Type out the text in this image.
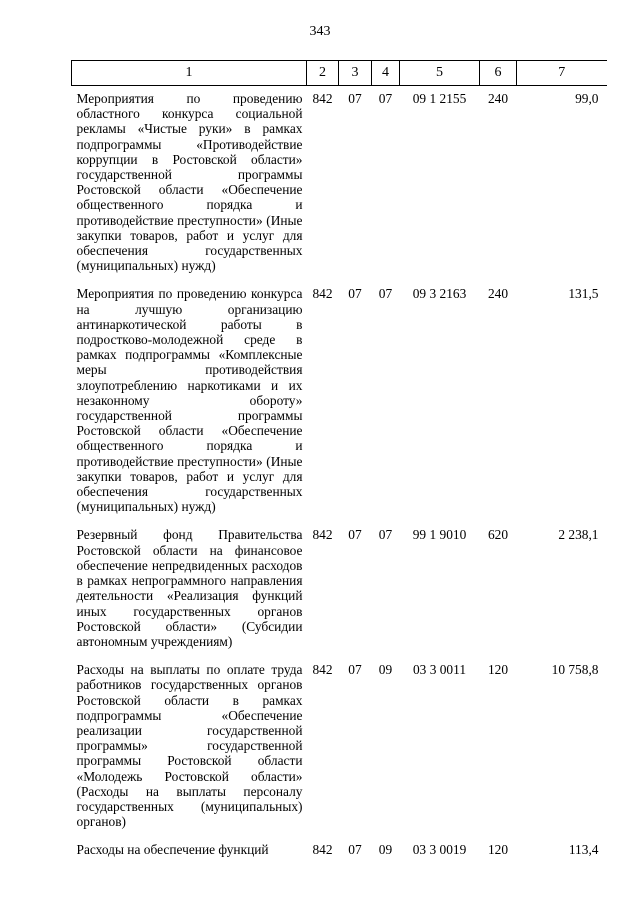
343
1	2	3	4	5	6	7
Мероприятия по проведению областного конкурса социальной рекламы «Чистые руки» в рамках подпрограммы «Противодействие коррупции в Ростовской области» государственной программы Ростовской области «Обеспечение общественного порядка и противодействие преступности» (Иные закупки товаров, работ и услуг для обеспечения государственных (муниципальных) нужд)	842	07	07	09 1 2155	240	99,0
Мероприятия по проведению конкурса на лучшую организацию антинаркотической работы в подростково-молодежной среде в рамках подпрограммы «Комплексные меры противодействия злоупотреблению наркотиками и их незаконному обороту» государственной программы Ростовской области «Обеспечение общественного порядка и противодействие преступности» (Иные закупки товаров, работ и услуг для обеспечения государственных (муниципальных) нужд)	842	07	07	09 3 2163	240	131,5
Резервный фонд Правительства Ростовской области на финансовое обеспечение непредвиденных расходов в рамках непрограммного направления деятельности «Реализация функций иных государственных органов Ростовской области» (Субсидии автономным учреждениям)	842	07	07	99 1 9010	620	2 238,1
Расходы на выплаты по оплате труда работников государственных органов Ростовской области в рамках подпрограммы «Обеспечение реализации государственной программы» государственной программы Ростовской области «Молодежь Ростовской области» (Расходы на выплаты персоналу государственных (муниципальных) органов)	842	07	09	03 3 0011	120	10 758,8
Расходы на обеспечение функций	842	07	09	03 3 0019	120	113,4
